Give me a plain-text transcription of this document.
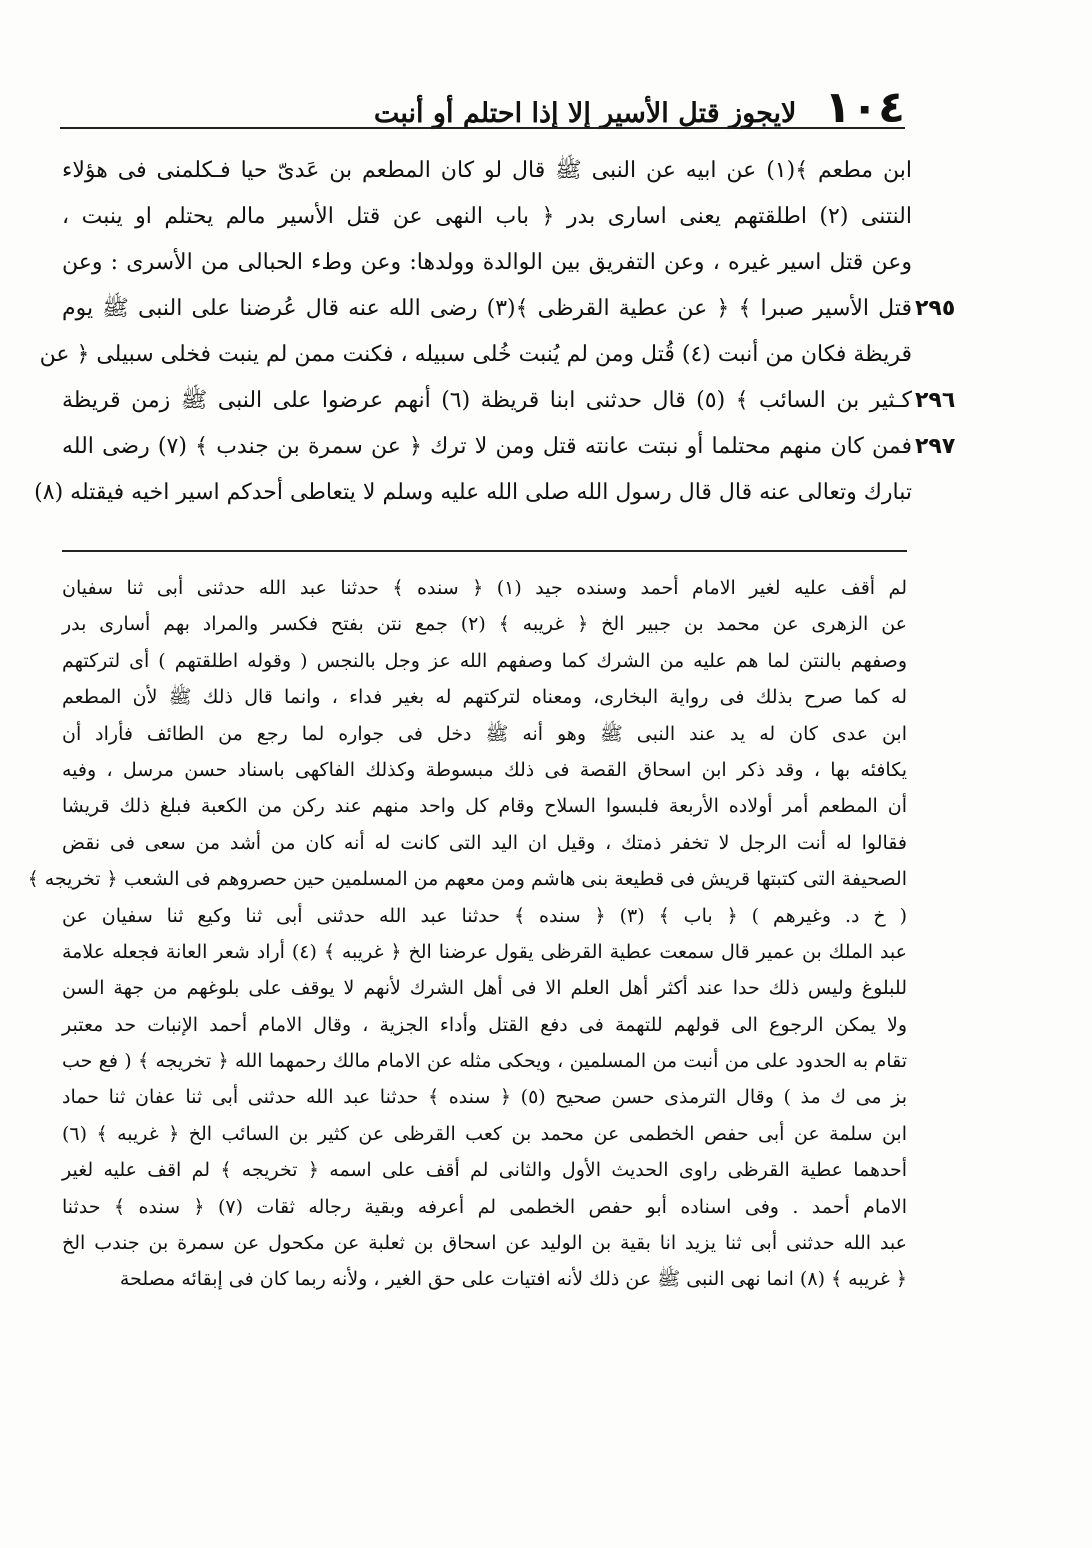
١٠٤
لايجوز قتل الأسير إلا إذا احتلم أو أنبت
ابن مطعم ﴾(١) عن ابيه عن النبى ﷺ قال لو كان المطعم بن عَدىّ حيا فـكلمنى فى هؤلاء
النتنى (٢) اطلقتهم يعنى اسارى بدر ﴿ باب النهى عن قتل الأسير مالم يحتلم او ينبت ،
وعن قتل اسير غيره ، وعن التفريق بين الوالدة وولدها: وعن وطء الحبالى من الأسرى : وعن
قتل الأسير صبرا ﴾ ﴿ عن عطية القرظى ﴾(٣) رضى الله عنه قال عُرضنا على النبى ﷺ يوم
قريظة فكان من أنبت (٤) قُتل ومن لم يُنبت خُلى سبيله ، فكنت ممن لم ينبت فخلى سبيلى ﴿ عن
كـثير بن السائب ﴾ (٥) قال حدثنى ابنا قريظة (٦) أنهم عرضوا على النبى ﷺ زمن قريظة
فمن كان منهم محتلما أو نبتت عانته قتل ومن لا ترك ﴿ عن سمرة بن جندب ﴾ (٧) رضى الله
تبارك وتعالى عنه قال قال رسول الله صلى الله عليه وسلم لا يتعاطى أحدكم اسير اخيه فيقتله (٨)
لم أقف عليه لغير الامام أحمد وسنده جيد (١) ﴿ سنده ﴾ حدثنا عبد الله حدثنى أبى ثنا سفيان
عن الزهرى عن محمد بن جبير الخ ﴿ غريبه ﴾ (٢) جمع نتن بفتح فكسر والمراد بهم أسارى بدر
وصفهم بالنتن لما هم عليه من الشرك كما وصفهم الله عز وجل بالنجس ( وقوله اطلقتهم ) أى لتركتهم
له كما صرح بذلك فى رواية البخارى، ومعناه لتركتهم له بغير فداء ، وانما قال ذلك ﷺ لأن المطعم
ابن عدى كان له يد عند النبى ﷺ وهو أنه ﷺ دخل فى جواره لما رجع من الطائف فأراد أن
يكافئه بها ، وقد ذكر ابن اسحاق القصة فى ذلك مبسوطة وكذلك الفاكهى باسناد حسن مرسل ، وفيه
أن المطعم أمر أولاده الأربعة فلبسوا السلاح وقام كل واحد منهم عند ركن من الكعبة فبلغ ذلك قريشا
فقالوا له أنت الرجل لا تخفر ذمتك ، وقيل ان اليد التى كانت له أنه كان من أشد من سعى فى نقض
الصحيفة التى كتبتها قريش فى قطيعة بنى هاشم ومن معهم من المسلمين حين حصروهم فى الشعب ﴿ تخريجه ﴾
( خ د. وغيرهم ) ﴿ باب ﴾ (٣) ﴿ سنده ﴾ حدثنا عبد الله حدثنى أبى ثنا وكيع ثنا سفيان عن
عبد الملك بن عمير قال سمعت عطية القرظى يقول عرضنا الخ ﴿ غريبه ﴾ (٤) أراد شعر العانة فجعله علامة
للبلوغ وليس ذلك حدا عند أكثر أهل العلم الا فى أهل الشرك لأنهم لا يوقف على بلوغهم من جهة السن
ولا يمكن الرجوع الى قولهم للتهمة فى دفع القتل وأداء الجزية ، وقال الامام أحمد الإنبات حد معتبر
تقام به الحدود على من أنبت من المسلمين ، ويحكى مثله عن الامام مالك رحمهما الله ﴿ تخريجه ﴾ ( فع حب
بز مى ك مذ ) وقال الترمذى حسن صحيح (٥) ﴿ سنده ﴾ حدثنا عبد الله حدثنى أبى ثنا عفان ثنا حماد
ابن سلمة عن أبى حفص الخطمى عن محمد بن كعب القرظى عن كثير بن السائب الخ ﴿ غريبه ﴾ (٦)
أحدهما عطية القرظى راوى الحديث الأول والثانى لم أقف على اسمه ﴿ تخريجه ﴾ لم اقف عليه لغير
الامام أحمد . وفى اسناده أبو حفص الخطمى لم أعرفه وبقية رجاله ثقات (٧) ﴿ سنده ﴾ حدثنا
عبد الله حدثنى أبى ثنا يزيد انا بقية بن الوليد عن اسحاق بن ثعلبة عن مكحول عن سمرة بن جندب الخ
﴿ غريبه ﴾ (٨) انما نهى النبى ﷺ عن ذلك لأنه افتيات على حق الغير ، ولأنه ربما كان فى إبقائه مصلحة
٢٩٥
٢٩٦
٢٩٧
